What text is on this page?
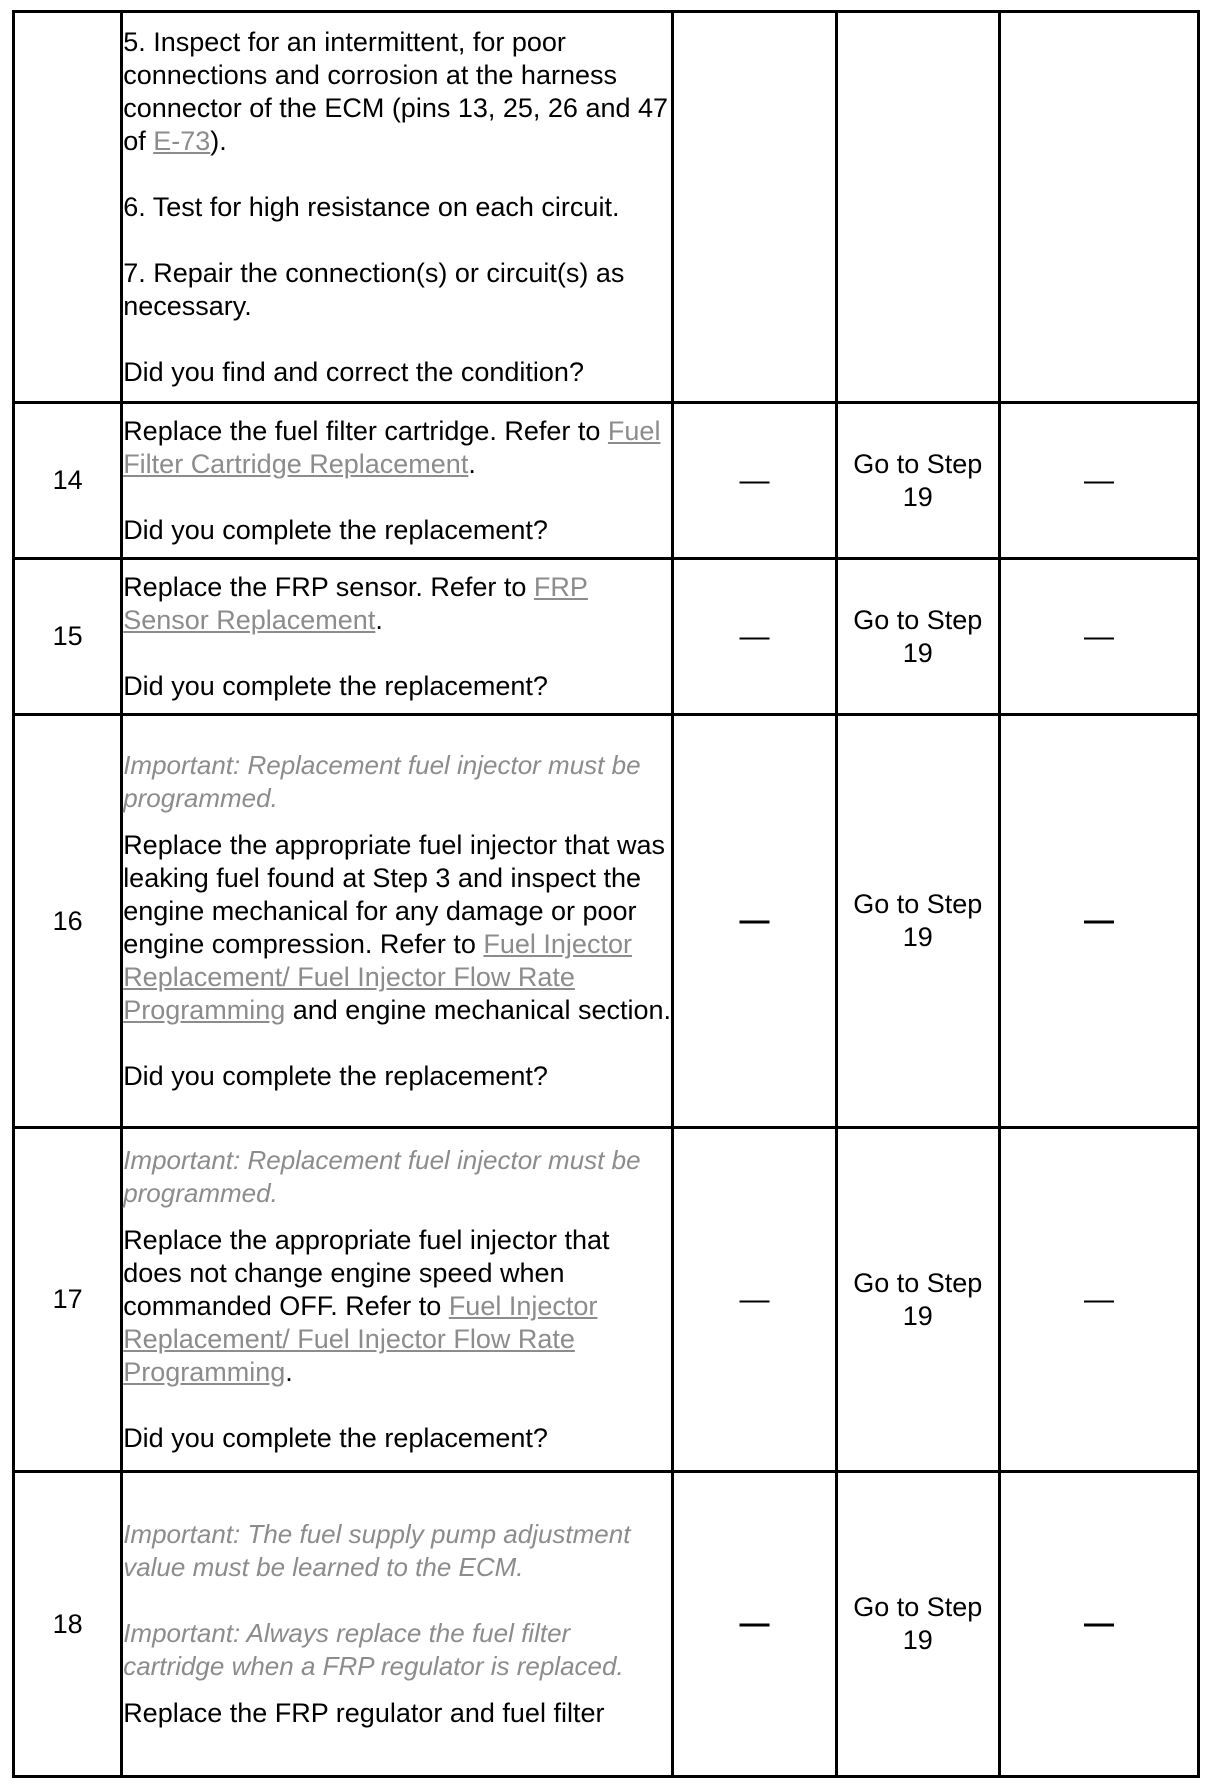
	5. Inspect for an intermittent, for poor connections and corrosion at the harness connector of the ECM (pins 13, 25, 26 and 47 of E-73).

6. Test for high resistance on each circuit.

7. Repair the connection(s) or circuit(s) as necessary.

Did you find and correct the condition?			

14	Replace the fuel filter cartridge. Refer to Fuel Filter Cartridge Replacement.

Did you complete the replacement?	—	Go to Step 19	—
15	Replace the FRP sensor. Refer to FRP Sensor Replacement.

Did you complete the replacement?	—	Go to Step 19	—
16	Important: Replacement fuel injector must be programmed.

Replace the appropriate fuel injector that was leaking fuel found at Step 3 and inspect the engine mechanical for any damage or poor engine compression. Refer to Fuel Injector Replacement/ Fuel Injector Flow Rate Programming and engine mechanical section.

Did you complete the replacement?	—	Go to Step 19	—
17	Important: Replacement fuel injector must be programmed.

Replace the appropriate fuel injector that does not change engine speed when commanded OFF. Refer to Fuel Injector Replacement/ Fuel Injector Flow Rate Programming.

Did you complete the replacement?	—	Go to Step 19	—
18	Important: The fuel supply pump adjustment value must be learned to the ECM.
Important: Always replace the fuel filter cartridge when a FRP regulator is replaced.

Replace the FRP regulator and fuel filter	—	Go to Step 19	—
